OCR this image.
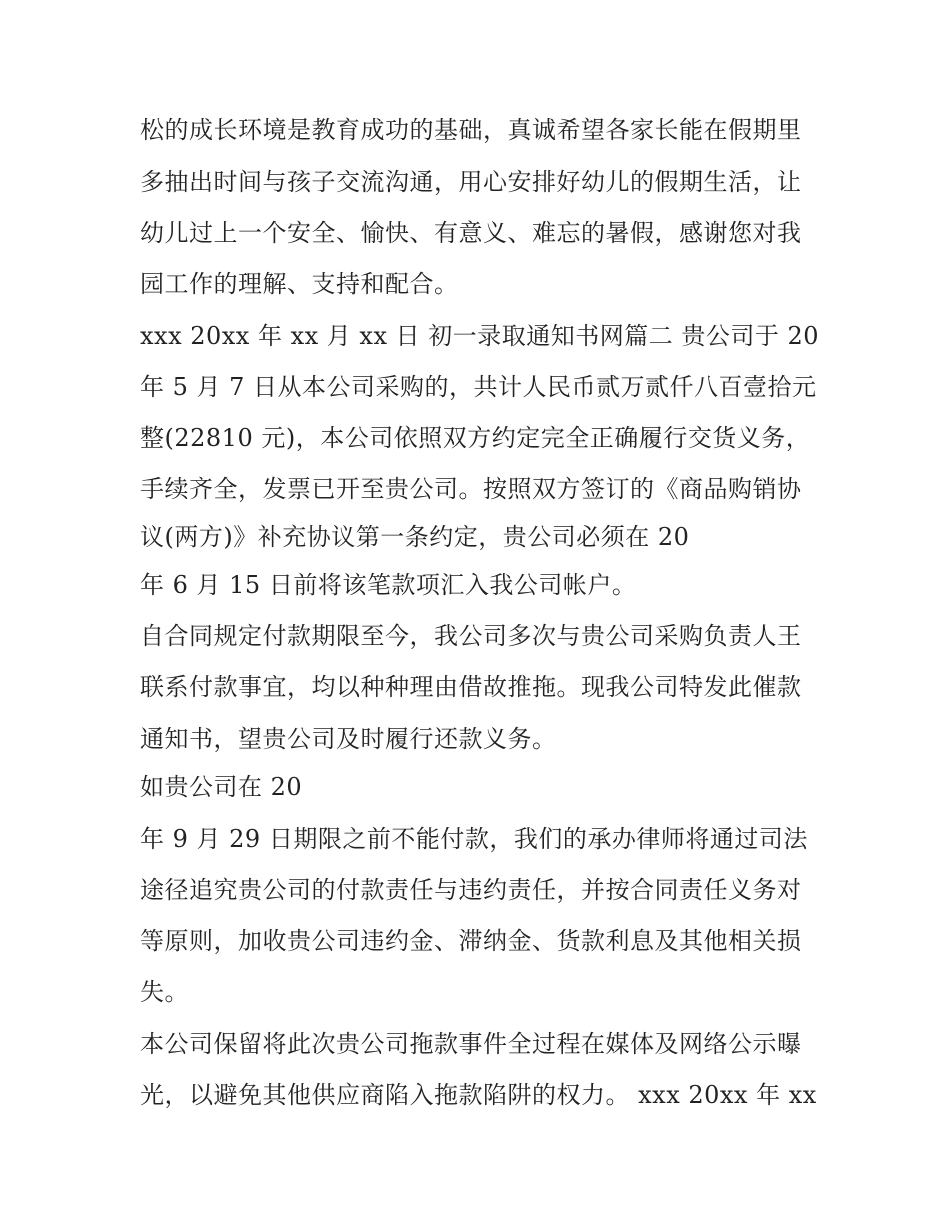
松的成长环境是教育成功的基础，真诚希望各家长能在假期里
多抽出时间与孩子交流沟通，用心安排好幼儿的假期生活，让
幼儿过上一个安全、愉快、有意义、难忘的暑假，感谢您对我
园工作的理解、支持和配合。
xxx 20xx 年 xx 月 xx 日 初一录取通知书网篇二 贵公司于 20
年 5 月 7 日从本公司采购的，共计人民币贰万贰仟八百壹拾元
整(22810 元)，本公司依照双方约定完全正确履行交货义务，
手续齐全，发票已开至贵公司。按照双方签订的《商品购销协
议(两方)》补充协议第一条约定，贵公司必须在 20
年 6 月 15 日前将该笔款项汇入我公司帐户。
自合同规定付款期限至今，我公司多次与贵公司采购负责人王
联系付款事宜，均以种种理由借故推拖。现我公司特发此催款
通知书，望贵公司及时履行还款义务。
如贵公司在 20
年 9 月 29 日期限之前不能付款，我们的承办律师将通过司法
途径追究贵公司的付款责任与违约责任，并按合同责任义务对
等原则，加收贵公司违约金、滞纳金、货款利息及其他相关损
失。
本公司保留将此次贵公司拖款事件全过程在媒体及网络公示曝
光，以避免其他供应商陷入拖款陷阱的权力。 xxx 20xx 年 xx
